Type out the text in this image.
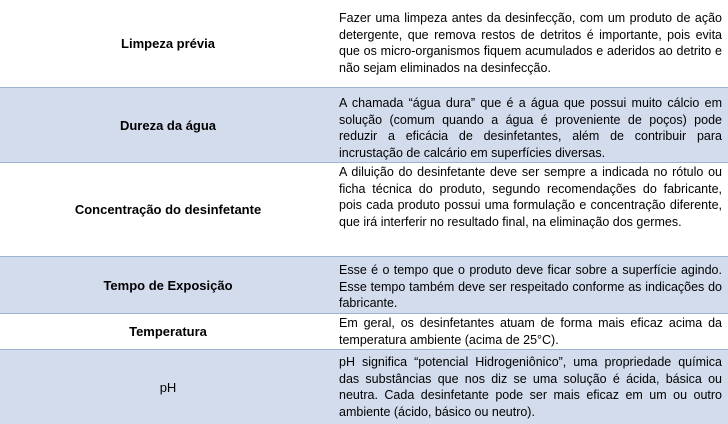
Limpeza prévia
Fazer uma limpeza antes da desinfecção, com um produto de ação detergente, que remova restos de detritos é importante, pois evita que os micro-organismos fiquem acumulados e aderidos ao detrito e não sejam eliminados na desinfecção.
Dureza da água
A chamada “água dura” que é a água que possui muito cálcio em solução (comum quando a água é proveniente de poços) pode reduzir a eficácia de desinfetantes, além de contribuir para incrustação de calcário em superfícies diversas.
Concentração do desinfetante
A diluição do desinfetante deve ser sempre a indicada no rótulo ou ficha técnica do produto, segundo recomendações do fabricante, pois cada produto possui uma formulação e concentração diferente, que irá interferir no resultado final, na eliminação dos germes.
Tempo de Exposição
Esse é o tempo que o produto deve ficar sobre a superfície agindo. Esse tempo também deve ser respeitado conforme as indicações do fabricante.
Temperatura
Em geral, os desinfetantes atuam de forma mais eficaz acima da temperatura ambiente (acima de 25°C).
pH
pH significa “potencial Hidrogeniônico”, uma propriedade química das substâncias que nos diz se uma solução é ácida, básica ou neutra. Cada desinfetante pode ser mais eficaz em um ou outro ambiente (ácido, básico ou neutro).
